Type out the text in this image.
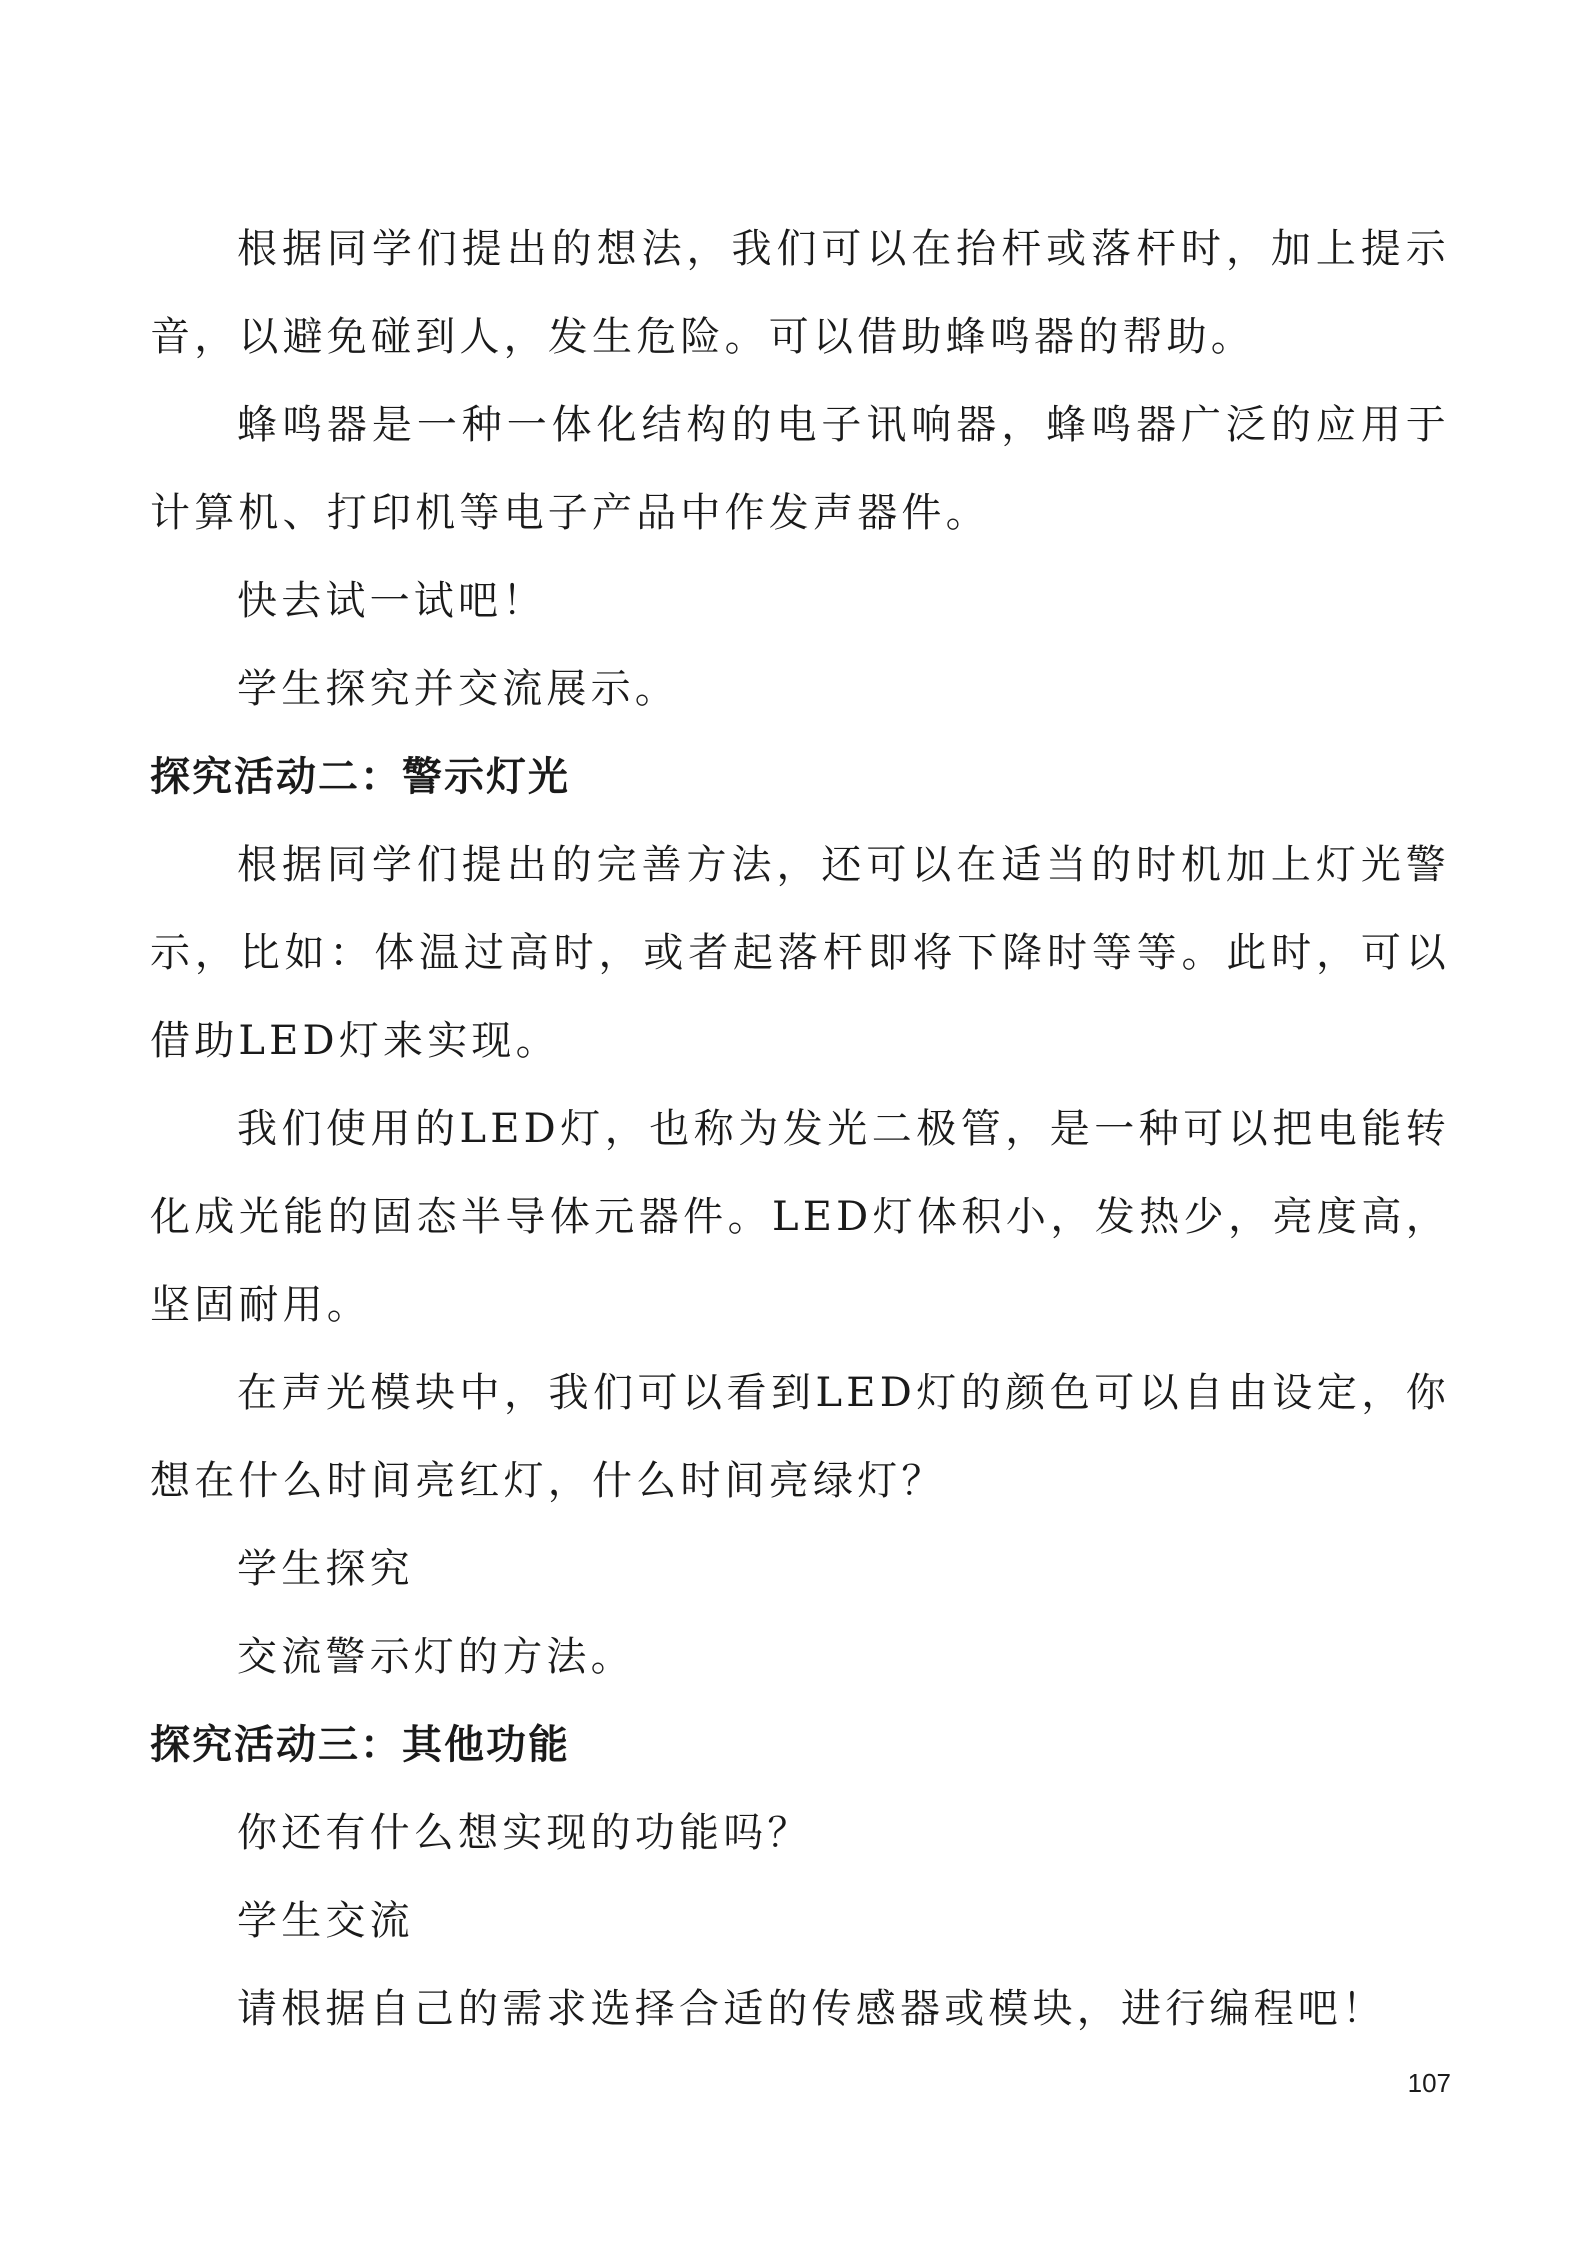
根据同学们提出的想法，我们可以在抬杆或落杆时，加上提示音，以避免碰到人，发生危险。可以借助蜂鸣器的帮助。

蜂鸣器是一种一体化结构的电子讯响器，蜂鸣器广泛的应用于计算机、打印机等电子产品中作发声器件。

快去试一试吧！

学生探究并交流展示。

探究活动二：警示灯光

根据同学们提出的完善方法，还可以在适当的时机加上灯光警示，比如：体温过高时，或者起落杆即将下降时等等。此时，可以借助LED灯来实现。

我们使用的LED灯，也称为发光二极管，是一种可以把电能转化成光能的固态半导体元器件。LED灯体积小，发热少，亮度高，坚固耐用。

在声光模块中，我们可以看到LED灯的颜色可以自由设定，你想在什么时间亮红灯，什么时间亮绿灯？

学生探究

交流警示灯的方法。

探究活动三：其他功能

你还有什么想实现的功能吗？

学生交流

请根据自己的需求选择合适的传感器或模块，进行编程吧！

107
